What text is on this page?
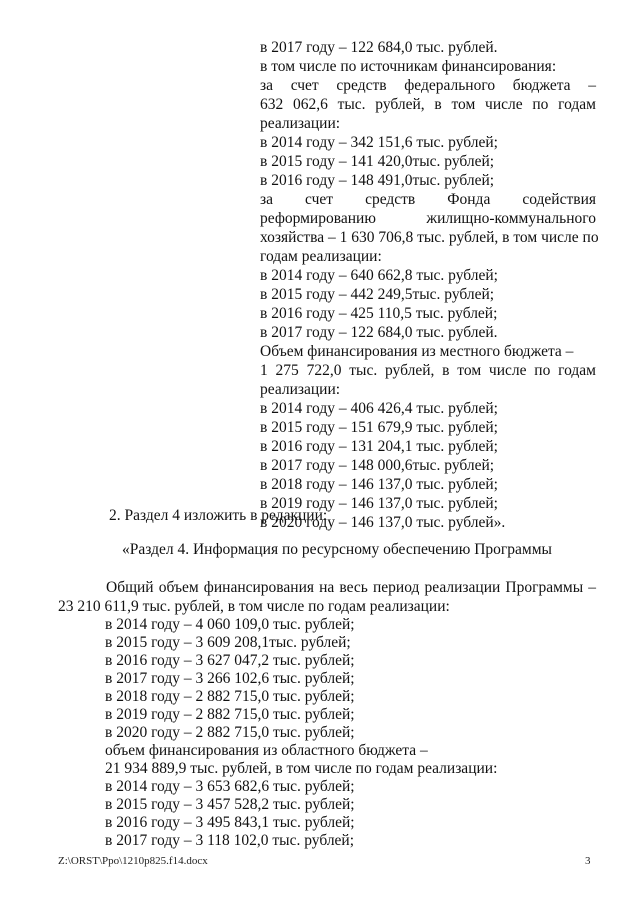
в 2017 году – 122 684,0 тыс. рублей.
в том числе по источникам финансирования:
за счет средств федерального бюджета –
632 062,6 тыс. рублей, в том числе по годам
реализации:
в 2014 году – 342 151,6 тыс. рублей;
в 2015 году – 141 420,0тыс. рублей;
в 2016 году – 148 491,0тыс. рублей;
за счет средств Фонда содействия
реформированию жилищно-коммунального
хозяйства – 1 630 706,8 тыс. рублей, в том числе по
годам реализации:
в 2014 году – 640 662,8 тыс. рублей;
в 2015 году – 442 249,5тыс. рублей;
в 2016 году – 425 110,5 тыс. рублей;
в 2017 году – 122 684,0 тыс. рублей.
Объем финансирования из местного бюджета –
1 275 722,0 тыс. рублей, в том числе по годам
реализации:
в 2014 году – 406 426,4 тыс. рублей;
в 2015 году – 151 679,9 тыс. рублей;
в 2016 году – 131 204,1 тыс. рублей;
в 2017 году – 148 000,6тыс. рублей;
в 2018 году – 146 137,0 тыс. рублей;
в 2019 году – 146 137,0 тыс. рублей;
в 2020 году – 146 137,0 тыс. рублей».
2. Раздел 4 изложить в редакции:
«Раздел 4. Информация по ресурсному обеспечению Программы
Общий объем финансирования на весь период реализации Программы –
23 210 611,9 тыс. рублей, в том числе по годам реализации:
в 2014 году – 4 060 109,0 тыс. рублей;
в 2015 году – 3 609 208,1тыс. рублей;
в 2016 году – 3 627 047,2 тыс. рублей;
в 2017 году – 3 266 102,6 тыс. рублей;
в 2018 году – 2 882 715,0 тыс. рублей;
в 2019 году – 2 882 715,0 тыс. рублей;
в 2020 году – 2 882 715,0 тыс. рублей;
объем финансирования из областного бюджета –
21 934 889,9 тыс. рублей, в том числе по годам реализации:
в 2014 году – 3 653 682,6 тыс. рублей;
в 2015 году – 3 457 528,2 тыс. рублей;
в 2016 году – 3 495 843,1 тыс. рублей;
в 2017 году – 3 118 102,0 тыс. рублей;
Z:\ORST\Ppo\1210p825.f14.docx	3
